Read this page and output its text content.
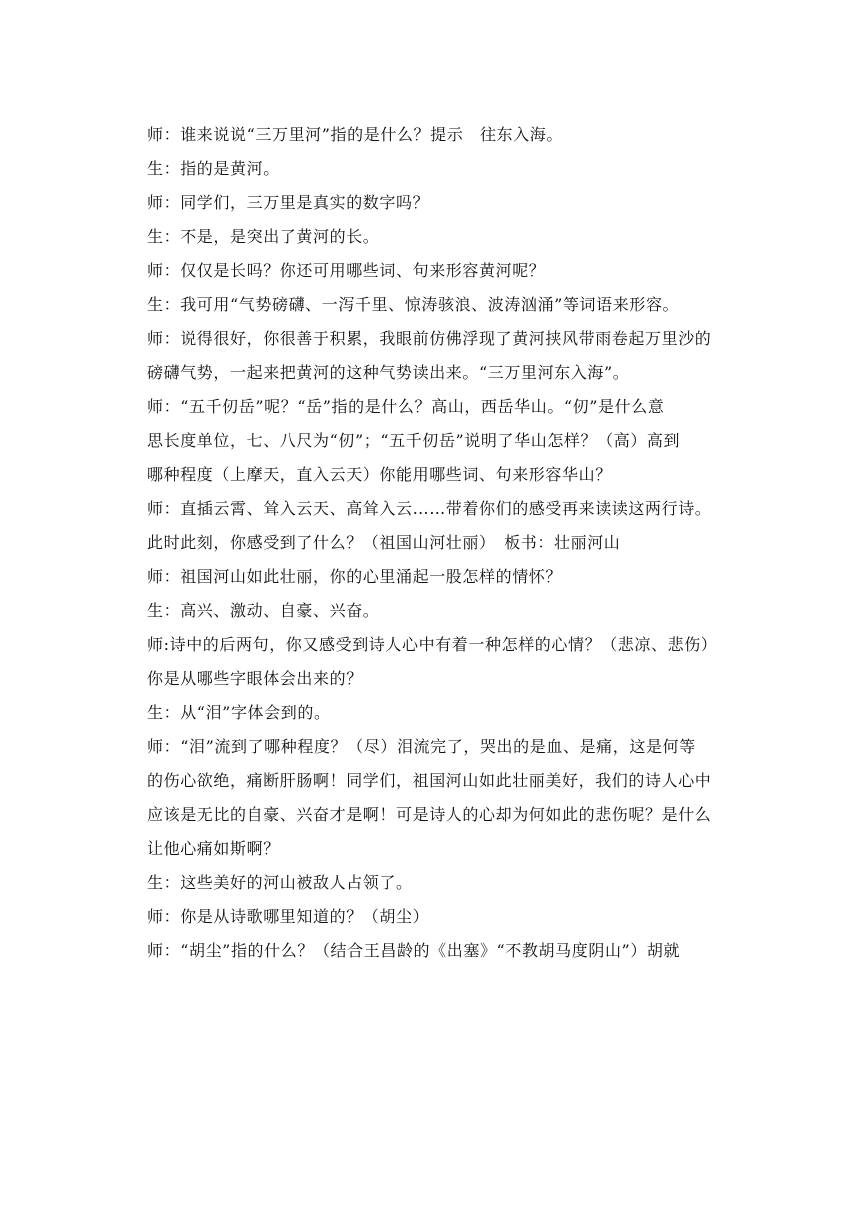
师：谁来说说“三万里河”指的是什么？提示　往东入海。
生：指的是黄河。
师：同学们，三万里是真实的数字吗？
生：不是，是突出了黄河的长。
师：仅仅是长吗？你还可用哪些词、句来形容黄河呢？
生：我可用“气势磅礴、一泻千里、惊涛骇浪、波涛汹涌”等词语来形容。
师：说得很好，你很善于积累，我眼前仿佛浮现了黄河挟风带雨卷起万里沙的
磅礴气势，一起来把黄河的这种气势读出来。“三万里河东入海”。
师：“五千仞岳”呢？“岳”指的是什么？高山，西岳华山。“仞”是什么意
思长度单位，七、八尺为“仞”；“五千仞岳”说明了华山怎样？（高）高到
哪种程度（上摩天，直入云天）你能用哪些词、句来形容华山？
师：直插云霄、耸入云天、高耸入云……带着你们的感受再来读读这两行诗。
此时此刻，你感受到了什么？（祖国山河壮丽）　板书：壮丽河山
师：祖国河山如此壮丽，你的心里涌起一股怎样的情怀？
生：高兴、激动、自豪、兴奋。
师:诗中的后两句，你又感受到诗人心中有着一种怎样的心情？（悲凉、悲伤）
你是从哪些字眼体会出来的？
生：从“泪”字体会到的。
师：“泪”流到了哪种程度？（尽）泪流完了，哭出的是血、是痛，这是何等
的伤心欲绝，痛断肝肠啊！同学们，祖国河山如此壮丽美好，我们的诗人心中
应该是无比的自豪、兴奋才是啊！可是诗人的心却为何如此的悲伤呢？是什么
让他心痛如斯啊？
生：这些美好的河山被敌人占领了。
师：你是从诗歌哪里知道的？（胡尘）
师：“胡尘”指的什么？（结合王昌龄的《出塞》“不教胡马度阴山”）胡就
